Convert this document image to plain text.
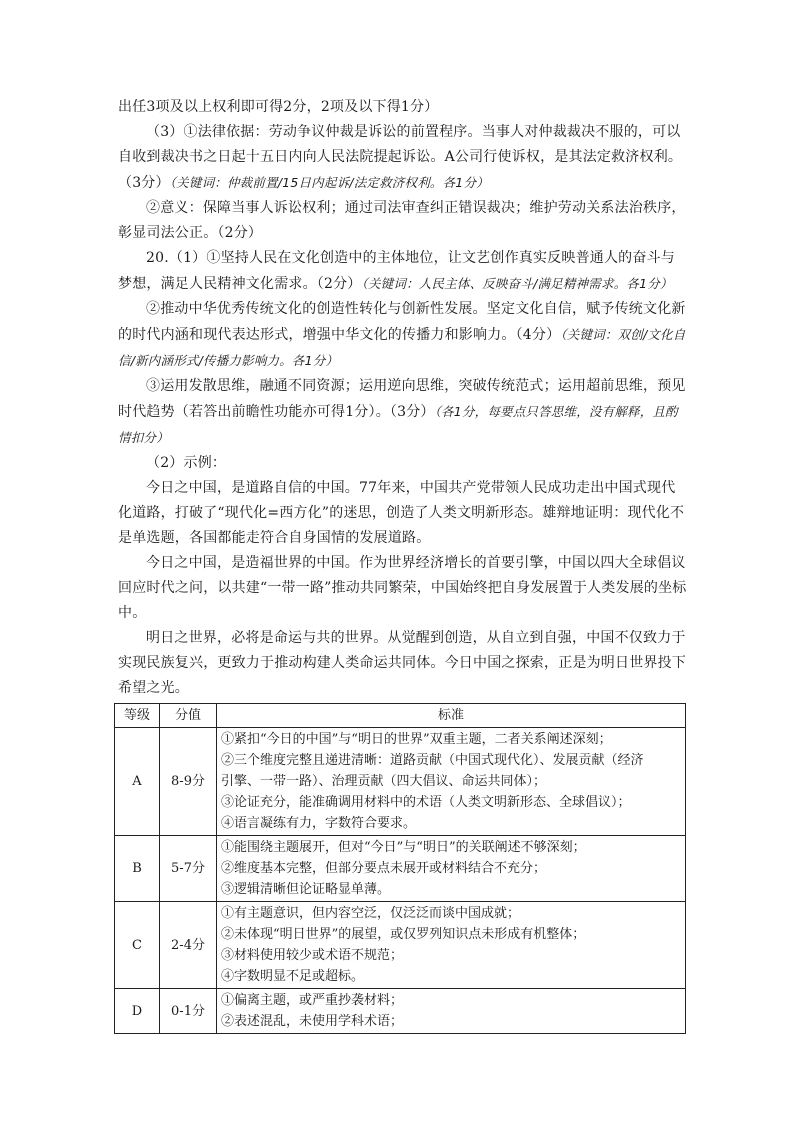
出任3项及以上权利即可得2分，2项及以下得1分）

（3）①法律依据：劳动争议仲裁是诉讼的前置程序。当事人对仲裁裁决不服的，可以自收到裁决书之日起十五日内向人民法院提起诉讼。A公司行使诉权，是其法定救济权利。（3分）（关键词：仲裁前置/15日内起诉/法定救济权利。各1分）

②意义：保障当事人诉讼权利；通过司法审查纠正错误裁决；维护劳动关系法治秩序，彰显司法公正。（2分）

20.（1）①坚持人民在文化创造中的主体地位，让文艺创作真实反映普通人的奋斗与梦想，满足人民精神文化需求。（2分）（关键词：人民主体、反映奋斗/满足精神需求。各1分）

②推动中华优秀传统文化的创造性转化与创新性发展。坚定文化自信，赋予传统文化新的时代内涵和现代表达形式，增强中华文化的传播力和影响力。（4分）（关键词：双创/文化自信/新内涵形式/传播力影响力。各1分）

③运用发散思维，融通不同资源；运用逆向思维，突破传统范式；运用超前思维，预见时代趋势（若答出前瞻性功能亦可得1分）。（3分）（各1分，每要点只答思维，没有解释，且酌情扣分）

（2）示例：

今日之中国，是道路自信的中国。77年来，中国共产党带领人民成功走出中国式现代化道路，打破了“现代化=西方化”的迷思，创造了人类文明新形态。雄辩地证明：现代化不是单选题，各国都能走符合自身国情的发展道路。

今日之中国，是造福世界的中国。作为世界经济增长的首要引擎，中国以四大全球倡议回应时代之问，以共建“一带一路”推动共同繁荣，中国始终把自身发展置于人类发展的坐标中。

等级	分值	标准
A	8-9分	①紧扣“今日的中国”与“明日的世界”双重主题，二者关系阐述深刻；
②三个维度完整且递进清晰：道路贡献（中国式现代化）、发展贡献（经济
引擎、一带一路）、治理贡献（四大倡议、命运共同体）；
③论证充分，能准确调用材料中的术语（人类文明新形态、全球倡议）；
④语言凝练有力，字数符合要求。

B	5-7分	①能围绕主题展开，但对“今日”与“明日”的关联阐述不够深刻；
②维度基本完整，但部分要点未展开或材料结合不充分；
③逻辑清晰但论证略显单薄。

C	2-4分	①有主题意识，但内容空泛，仅泛泛而谈中国成就；
②未体现“明日世界”的展望，或仅罗列知识点未形成有机整体；
③材料使用较少或术语不规范；
④字数明显不足或超标。

D	0-1分	①偏离主题，或严重抄袭材料；
②表述混乱，未使用学科术语；

明日之世界，必将是命运与共的世界。从觉醒到创造，从自立到自强，中国不仅致力于实现民族复兴，更致力于推动构建人类命运共同体。今日中国之探索，正是为明日世界投下希望之光。
